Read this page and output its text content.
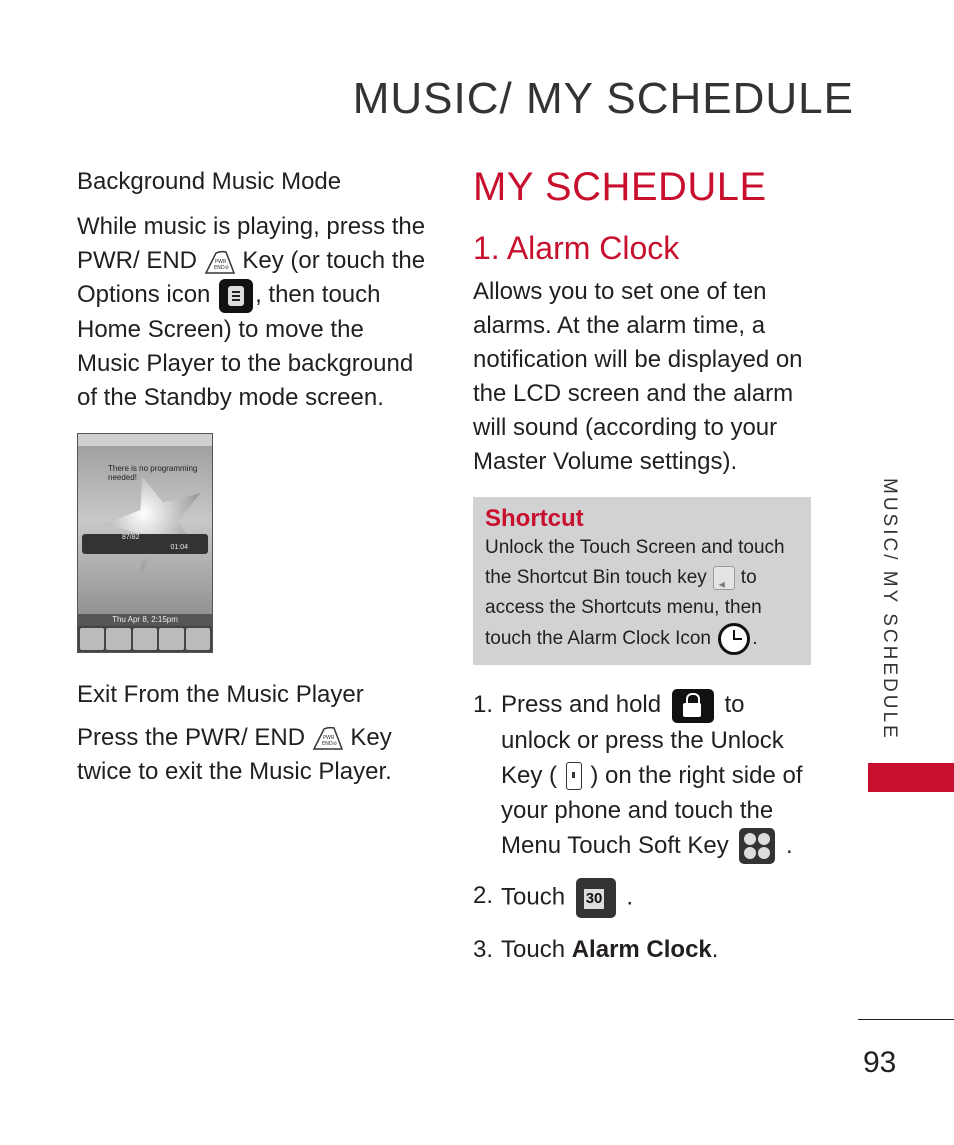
MUSIC/ MY SCHEDULE
Background Music Mode

While music is playing, press the PWR/ END	PWR
END⊘ Key (or touch the Options icon , then touch Home Screen) to move the Music Player to the background of the Standby mode screen.

There is no programming needed!
87/82
01:04
Thu Apr 8, 2:15pm
Exit From the Music Player

Press the PWR/ END	PWR
END⊘ Key twice to exit the Music Player.

MY SCHEDULE
1. Alarm Clock

Allows you to set one of ten alarms. At the alarm time, a notification will be displayed on the LCD screen and the alarm will sound (according to your Master Volume settings).

Shortcut

Unlock the Touch Screen and touch the Shortcut Bin touch key ◂ to access the Shortcuts menu, then touch the Alarm Clock Icon .

1. Press and hold	to unlock or press the Unlock Key ( ) on the right side of your phone and touch the Menu Touch Soft Key .
2. Touch 30	.
3. Touch Alarm Clock.

MUSIC/ MY SCHEDULE

93
